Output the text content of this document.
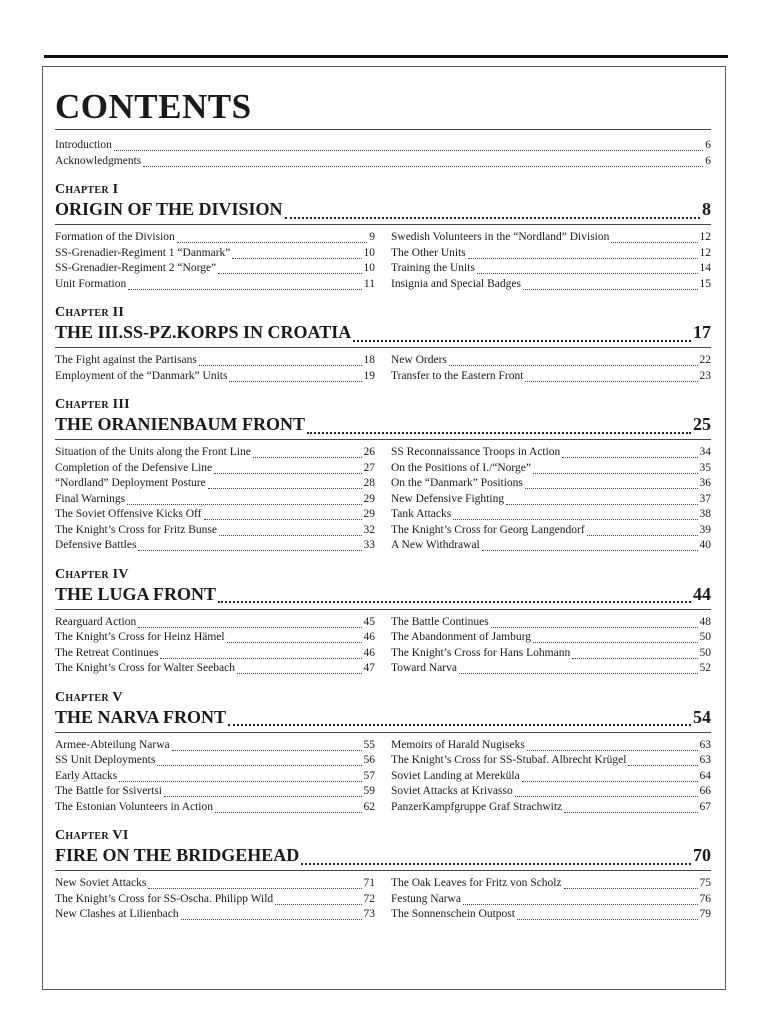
CONTENTS
Introduction	6
Acknowledgments	6
Chapter I
ORIGIN OF THE DIVISION	8
Formation of the Division	9
SS-Grenadier-Regiment 1 “Danmark”	10
SS-Grenadier-Regiment 2 “Norge”	10
Unit Formation	11
Swedish Volunteers in the “Nordland” Division	12
The Other Units	12
Training the Units	14
Insignia and Special Badges	15
Chapter II
THE III.SS-PZ.KORPS IN CROATIA	17
The Fight against the Partisans	18
Employment of the “Danmark” Units	19
New Orders	22
Transfer to the Eastern Front	23
Chapter III
THE ORANIENBAUM FRONT	25
Situation of the Units along the Front Line	26
Completion of the Defensive Line	27
“Nordland” Deployment Posture	28
Final Warnings	29
The Soviet Offensive Kicks Off	29
The Knight’s Cross for Fritz Bunse	32
Defensive Battles	33
SS Reconnaissance Troops in Action	34
On the Positions of I./“Norge”	35
On the “Danmark” Positions	36
New Defensive Fighting	37
Tank Attacks	38
The Knight’s Cross for Georg Langendorf	39
A New Withdrawal	40
Chapter IV
THE LUGA FRONT	44
Rearguard Action	45
The Knight’s Cross for Heinz Hämel	46
The Retreat Continues	46
The Knight’s Cross for Walter Seebach	47
The Battle Continues	48
The Abandonment of Jamburg	50
The Knight’s Cross for Hans Lohmann	50
Toward Narva	52
Chapter V
THE NARVA FRONT	54
Armee-Abteilung Narwa	55
SS Unit Deployments	56
Early Attacks	57
The Battle for Ssivertsi	59
The Estonian Volunteers in Action	62
Memoirs of Harald Nugiseks	63
The Knight’s Cross for SS-Stubaf. Albrecht Krügel	63
Soviet Landing at Mereküla	64
Soviet Attacks at Krivasso	66
PanzerKampfgruppe Graf Strachwitz	67
Chapter VI
FIRE ON THE BRIDGEHEAD	70
New Soviet Attacks	71
The Knight’s Cross for SS-Oscha. Philipp Wild	72
New Clashes at Lilienbach	73
The Oak Leaves for Fritz von Scholz	75
Festung Narwa	76
The Sonnenschein Outpost	79
